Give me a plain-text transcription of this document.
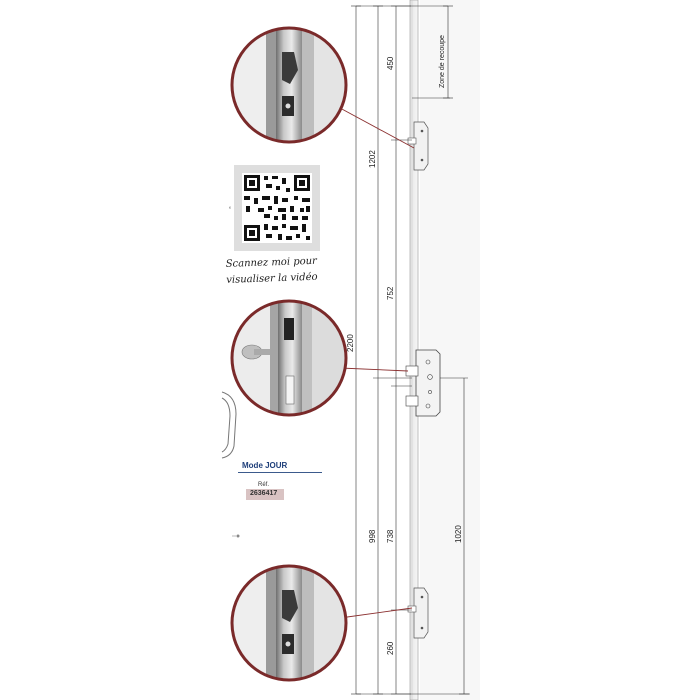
450
1202
752
2200
998 738
260
1020
Zone de recoupe
‘
Scannez moi pour
visualiser la vidéo
Mode JOUR
Réf.
2636417
